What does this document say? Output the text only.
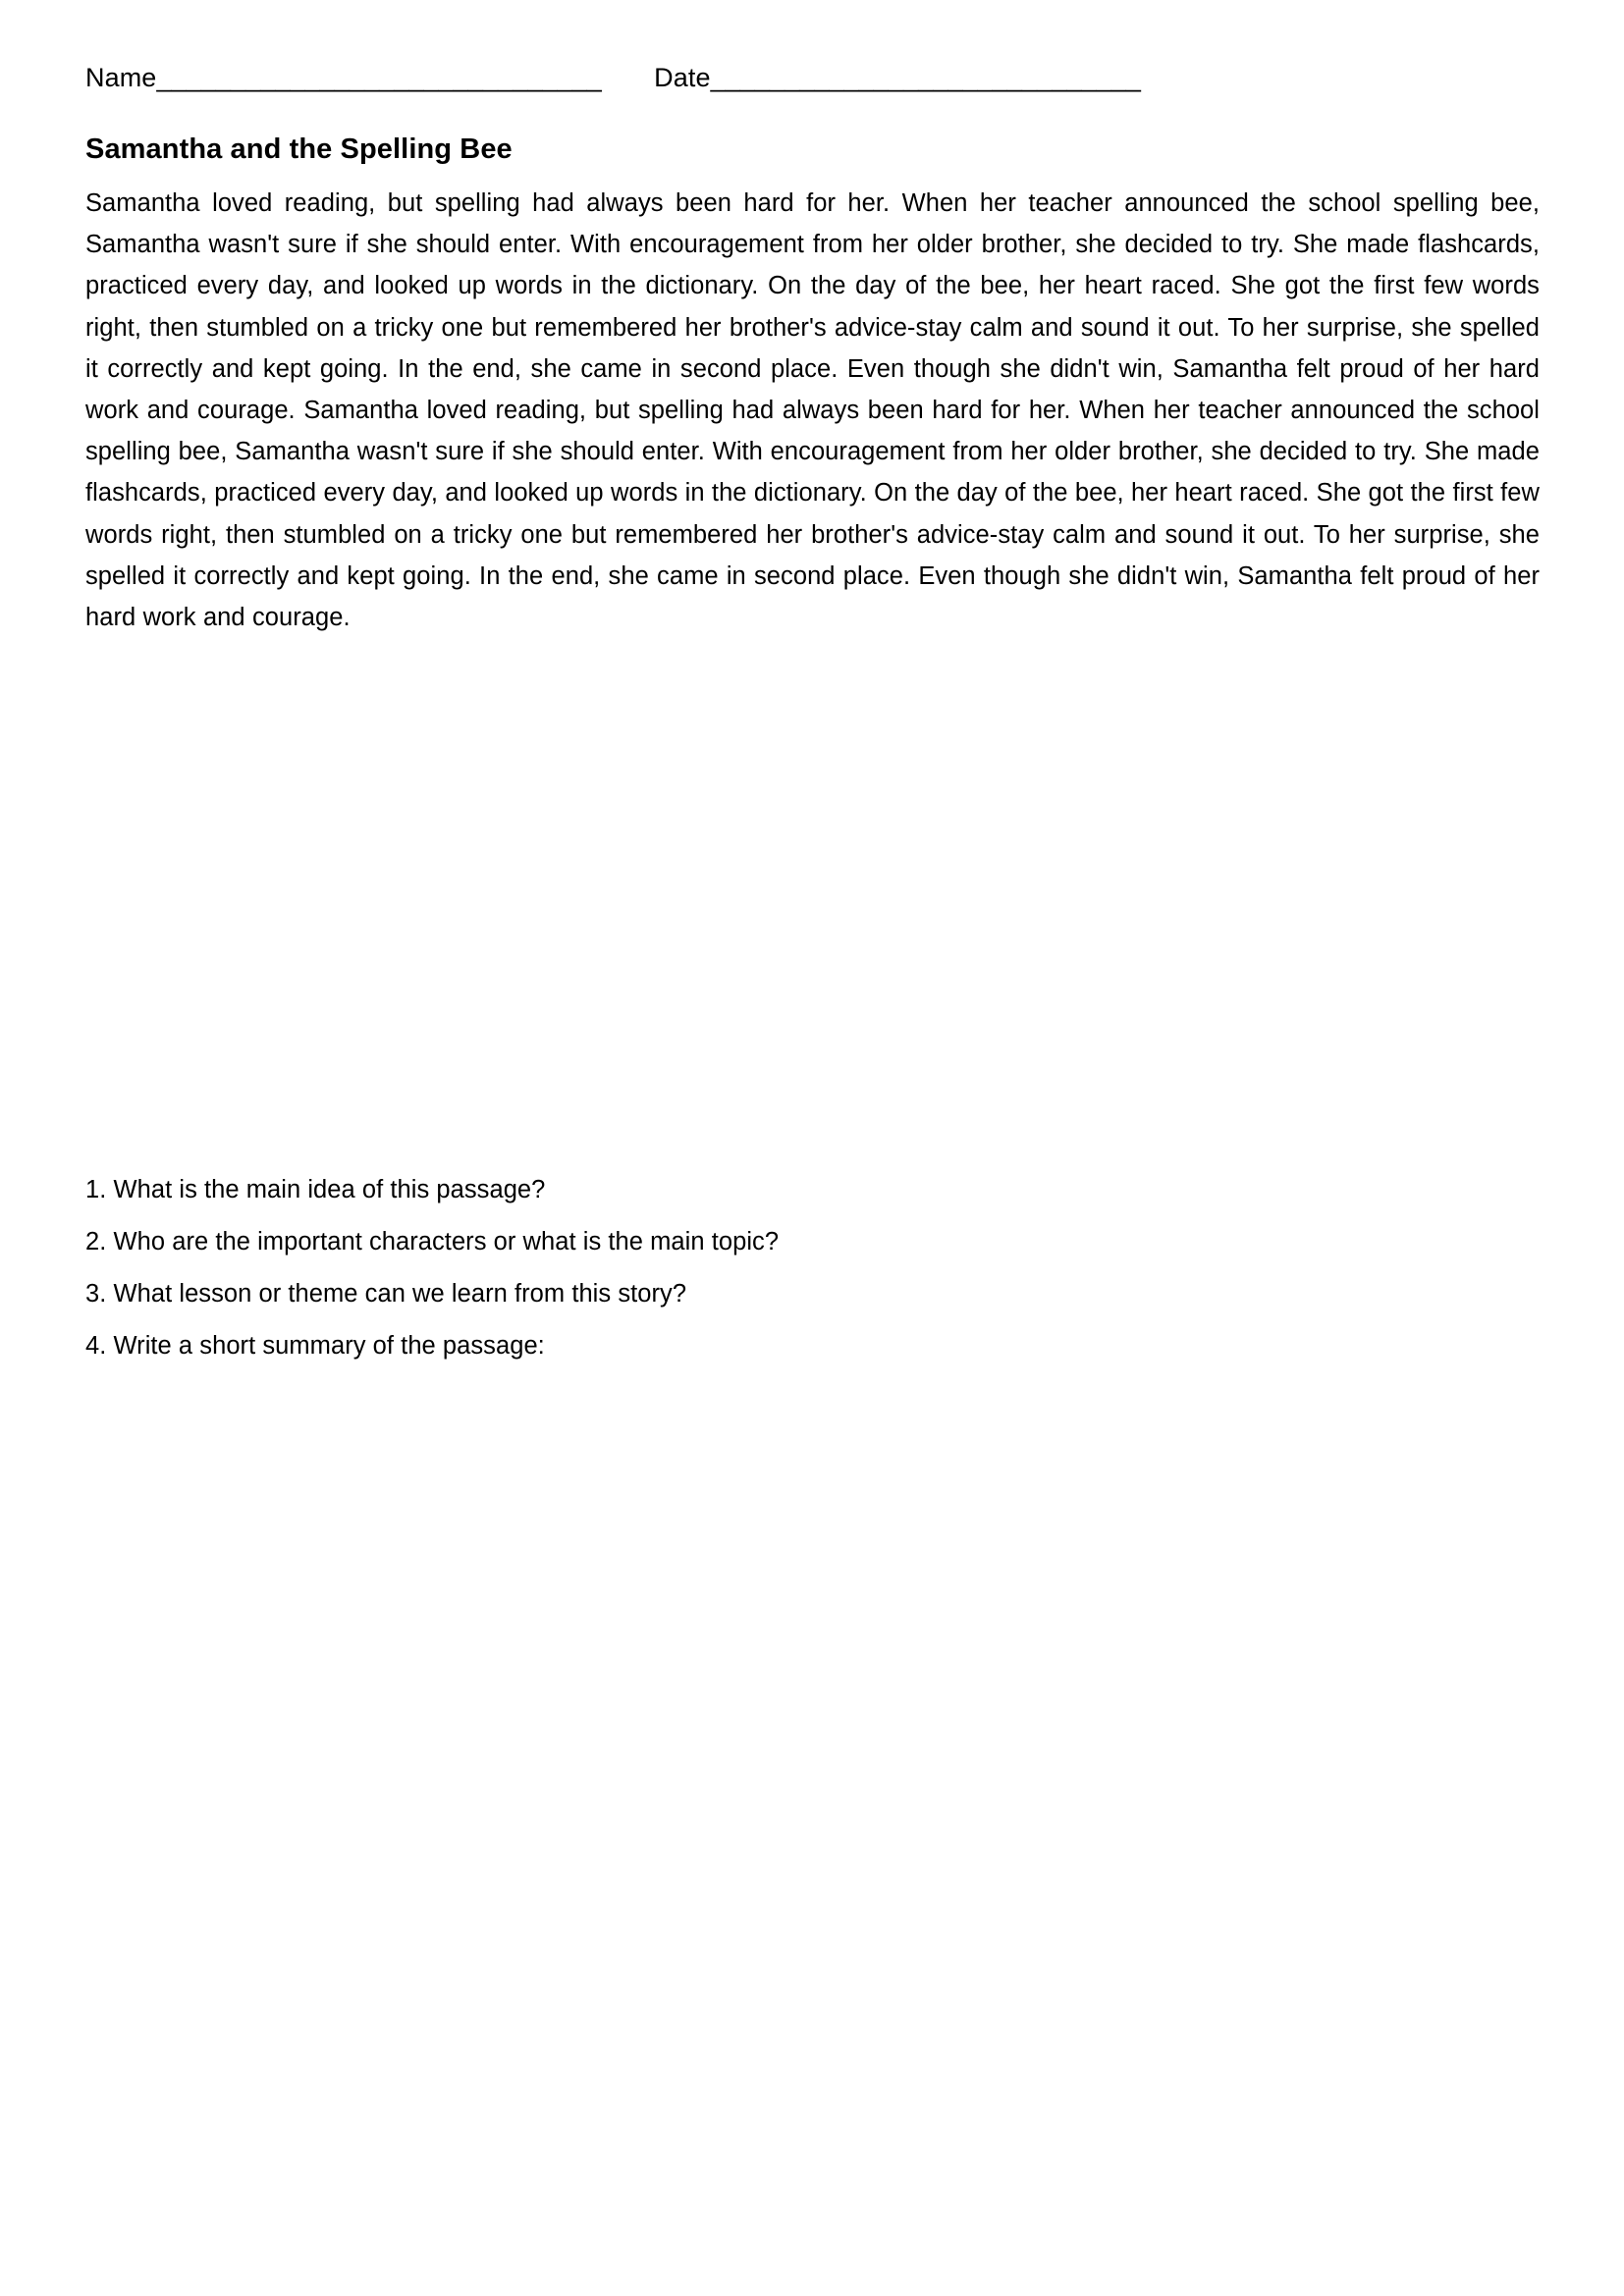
Name______________________________ Date_____________________________
Samantha and the Spelling Bee
Samantha loved reading, but spelling had always been hard for her. When her teacher announced the school spelling bee, Samantha wasn't sure if she should enter. With encouragement from her older brother, she decided to try. She made flashcards, practiced every day, and looked up words in the dictionary. On the day of the bee, her heart raced. She got the first few words right, then stumbled on a tricky one but remembered her brother's advice-stay calm and sound it out. To her surprise, she spelled it correctly and kept going. In the end, she came in second place. Even though she didn't win, Samantha felt proud of her hard work and courage. Samantha loved reading, but spelling had always been hard for her. When her teacher announced the school spelling bee, Samantha wasn't sure if she should enter. With encouragement from her older brother, she decided to try. She made flashcards, practiced every day, and looked up words in the dictionary. On the day of the bee, her heart raced. She got the first few words right, then stumbled on a tricky one but remembered her brother's advice-stay calm and sound it out. To her surprise, she spelled it correctly and kept going. In the end, she came in second place. Even though she didn't win, Samantha felt proud of her hard work and courage.
1. What is the main idea of this passage?
2. Who are the important characters or what is the main topic?
3. What lesson or theme can we learn from this story?
4. Write a short summary of the passage:
